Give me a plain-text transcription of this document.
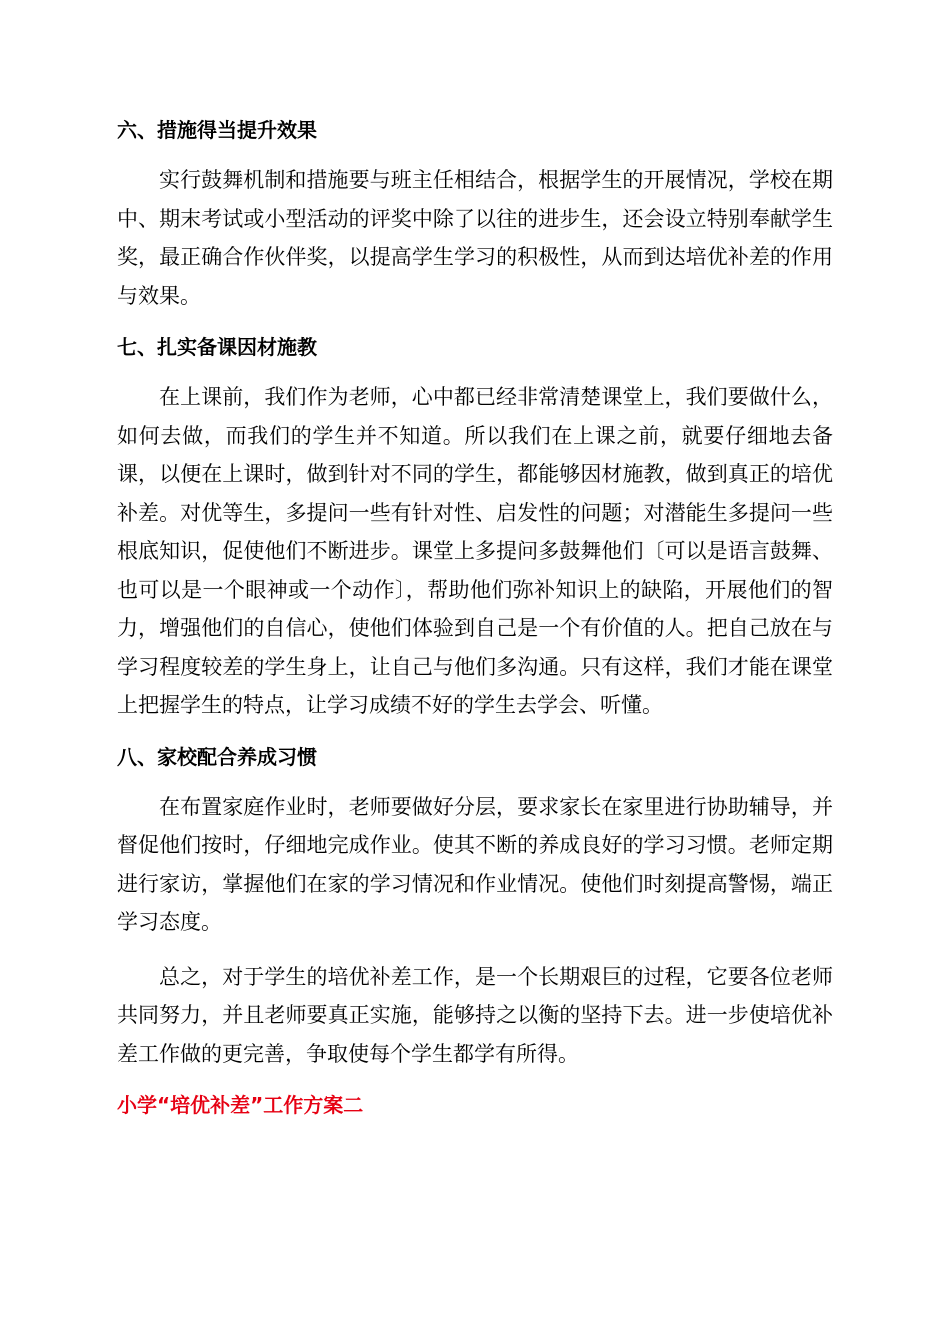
六、措施得当提升效果

实行鼓舞机制和措施要与班主任相结合，根据学生的开展情况，学校在期中、期末考试或小型活动的评奖中除了以往的进步生，还会设立特别奉献学生奖，最正确合作伙伴奖，以提高学生学习的积极性，从而到达培优补差的作用与效果。

七、扎实备课因材施教

在上课前，我们作为老师，心中都已经非常清楚课堂上，我们要做什么，如何去做，而我们的学生并不知道。所以我们在上课之前，就要仔细地去备课，以便在上课时，做到针对不同的学生，都能够因材施教，做到真正的培优补差。对优等生，多提问一些有针对性、启发性的问题；对潜能生多提问一些根底知识，促使他们不断进步。课堂上多提问多鼓舞他们〔可以是语言鼓舞、也可以是一个眼神或一个动作〕，帮助他们弥补知识上的缺陷，开展他们的智力，增强他们的自信心，使他们体验到自己是一个有价值的人。把自己放在与学习程度较差的学生身上，让自己与他们多沟通。只有这样，我们才能在课堂上把握学生的特点，让学习成绩不好的学生去学会、听懂。

八、家校配合养成习惯

在布置家庭作业时，老师要做好分层，要求家长在家里进行协助辅导，并督促他们按时，仔细地完成作业。使其不断的养成良好的学习习惯。老师定期进行家访，掌握他们在家的学习情况和作业情况。使他们时刻提高警惕，端正学习态度。

总之，对于学生的培优补差工作，是一个长期艰巨的过程，它要各位老师共同努力，并且老师要真正实施，能够持之以衡的坚持下去。进一步使培优补差工作做的更完善，争取使每个学生都学有所得。

小学“培优补差”工作方案二
